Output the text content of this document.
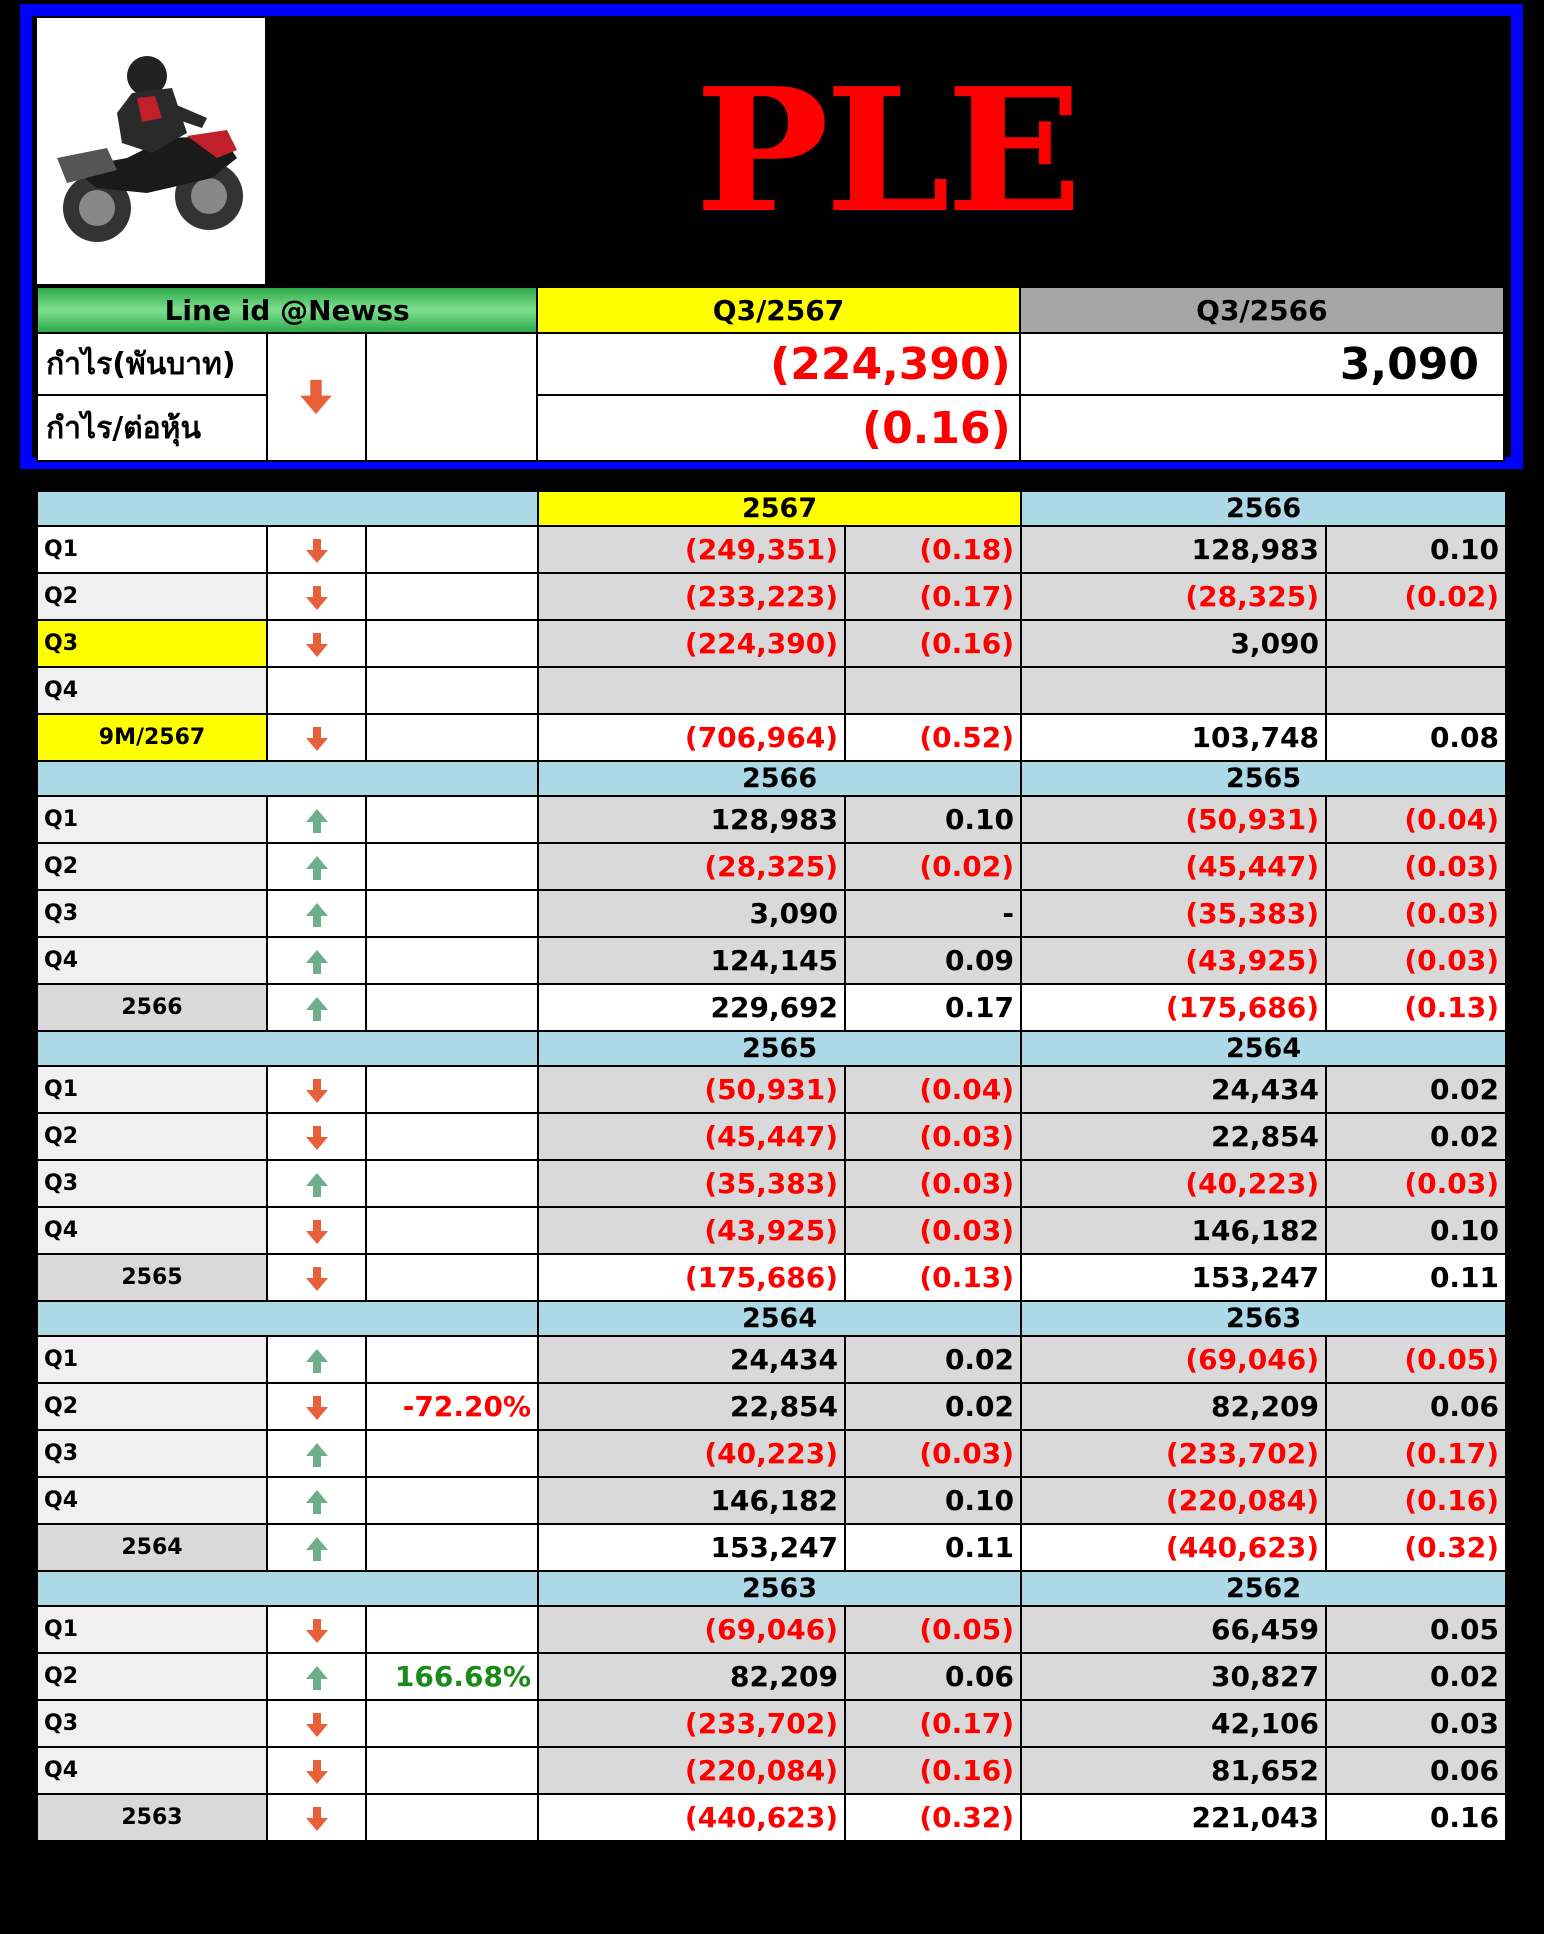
PLE
Line id @Newss			Q3/2567	Q3/2566
กำไร(พันบาท)			(224,390)	3,090
กำไร/ต่อหุ้น			(0.16)	
			2567		2566	
Q1			(249,351)	(0.18)	128,983	0.10
Q2			(233,223)	(0.17)	(28,325)	(0.02)
Q3			(224,390)	(0.16)	3,090	
Q4						
9M/2567			(706,964)	(0.52)	103,748	0.08
			2566		2565	
Q1			128,983	0.10	(50,931)	(0.04)
Q2			(28,325)	(0.02)	(45,447)	(0.03)
Q3			3,090	-	(35,383)	(0.03)
Q4			124,145	0.09	(43,925)	(0.03)
2566			229,692	0.17	(175,686)	(0.13)
			2565		2564	
Q1			(50,931)	(0.04)	24,434	0.02
Q2			(45,447)	(0.03)	22,854	0.02
Q3			(35,383)	(0.03)	(40,223)	(0.03)
Q4			(43,925)	(0.03)	146,182	0.10
2565			(175,686)	(0.13)	153,247	0.11
			2564		2563	
Q1			24,434	0.02	(69,046)	(0.05)
Q2		-72.20%	22,854	0.02	82,209	0.06
Q3			(40,223)	(0.03)	(233,702)	(0.17)
Q4			146,182	0.10	(220,084)	(0.16)
2564			153,247	0.11	(440,623)	(0.32)
			2563		2562	
Q1			(69,046)	(0.05)	66,459	0.05
Q2		166.68%	82,209	0.06	30,827	0.02
Q3			(233,702)	(0.17)	42,106	0.03
Q4			(220,084)	(0.16)	81,652	0.06
2563			(440,623)	(0.32)	221,043	0.16
